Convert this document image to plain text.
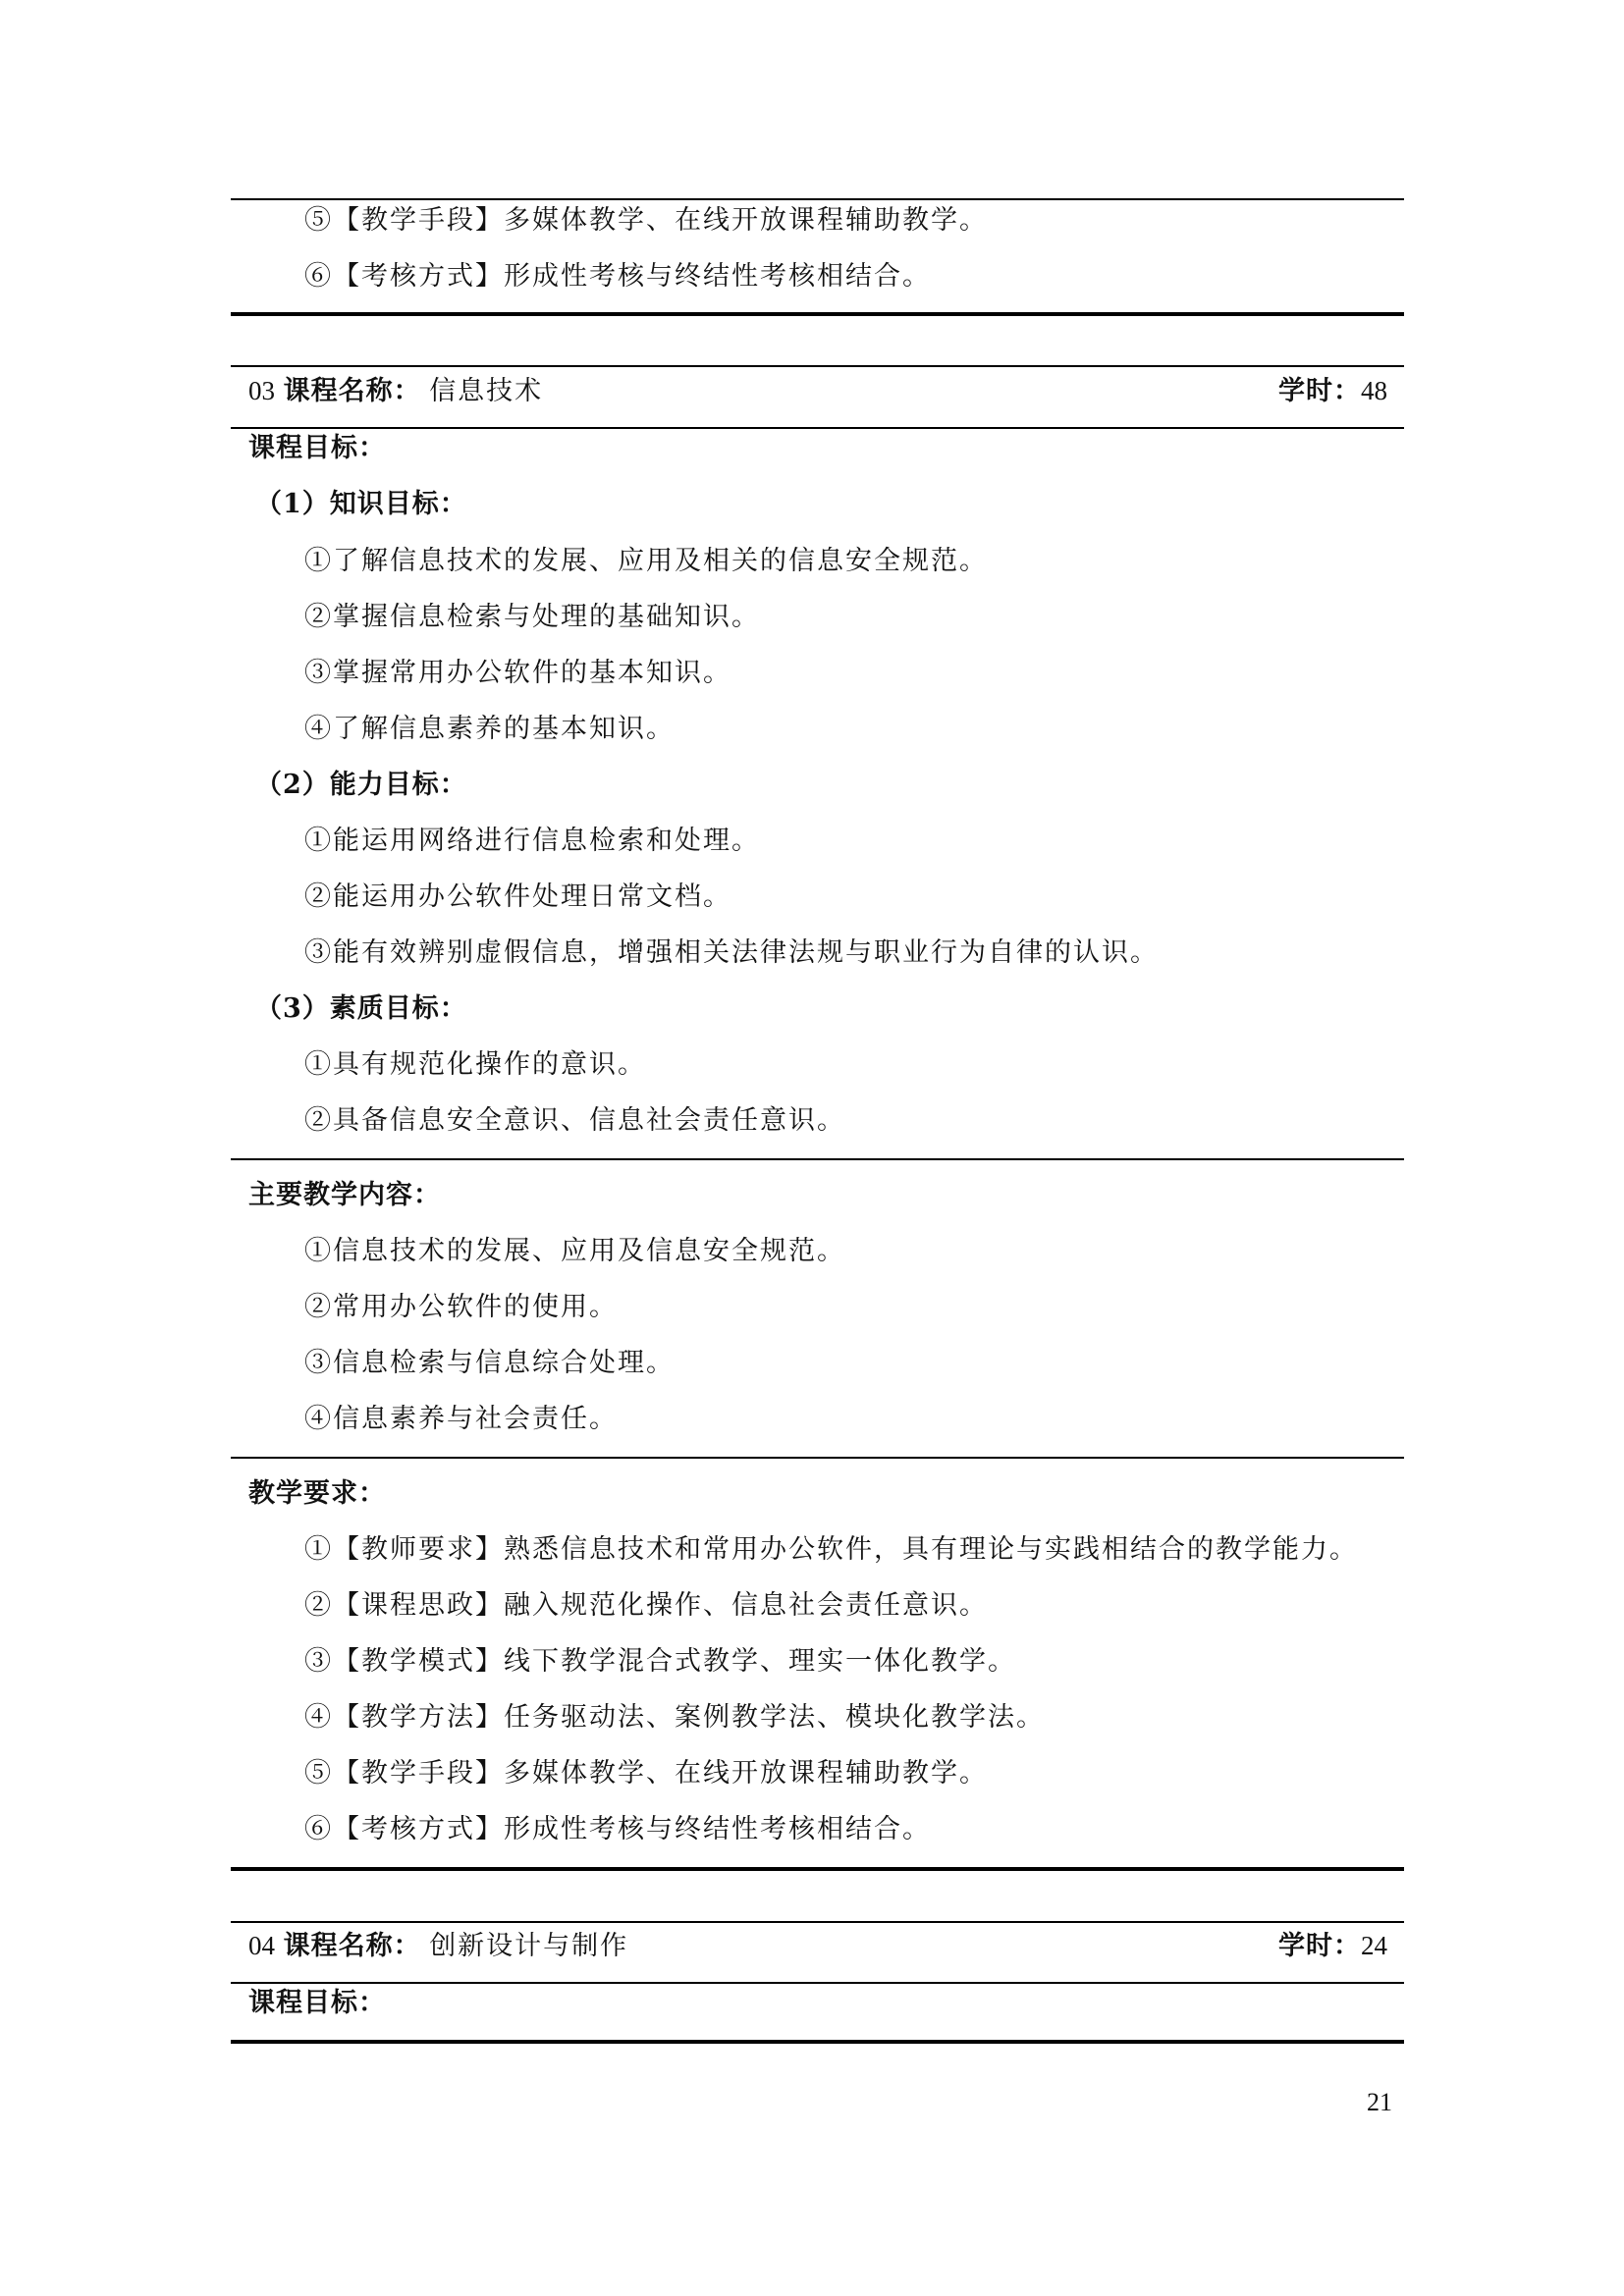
⑤【教学手段】多媒体教学、在线开放课程辅助教学。
⑥【考核方式】形成性考核与终结性考核相结合。
03 课程名称： 信息技术	学时：48
课程目标：
（1）知识目标：
①了解信息技术的发展、应用及相关的信息安全规范。
②掌握信息检索与处理的基础知识。
③掌握常用办公软件的基本知识。
④了解信息素养的基本知识。
（2）能力目标：
①能运用网络进行信息检索和处理。
②能运用办公软件处理日常文档。
③能有效辨别虚假信息，增强相关法律法规与职业行为自律的认识。
（3）素质目标：
①具有规范化操作的意识。
②具备信息安全意识、信息社会责任意识。
主要教学内容：
①信息技术的发展、应用及信息安全规范。
②常用办公软件的使用。
③信息检索与信息综合处理。
④信息素养与社会责任。
教学要求：
①【教师要求】熟悉信息技术和常用办公软件，具有理论与实践相结合的教学能力。
②【课程思政】融入规范化操作、信息社会责任意识。
③【教学模式】线下教学混合式教学、理实一体化教学。
④【教学方法】任务驱动法、案例教学法、模块化教学法。
⑤【教学手段】多媒体教学、在线开放课程辅助教学。
⑥【考核方式】形成性考核与终结性考核相结合。
04 课程名称： 创新设计与制作	学时：24
课程目标：
21
